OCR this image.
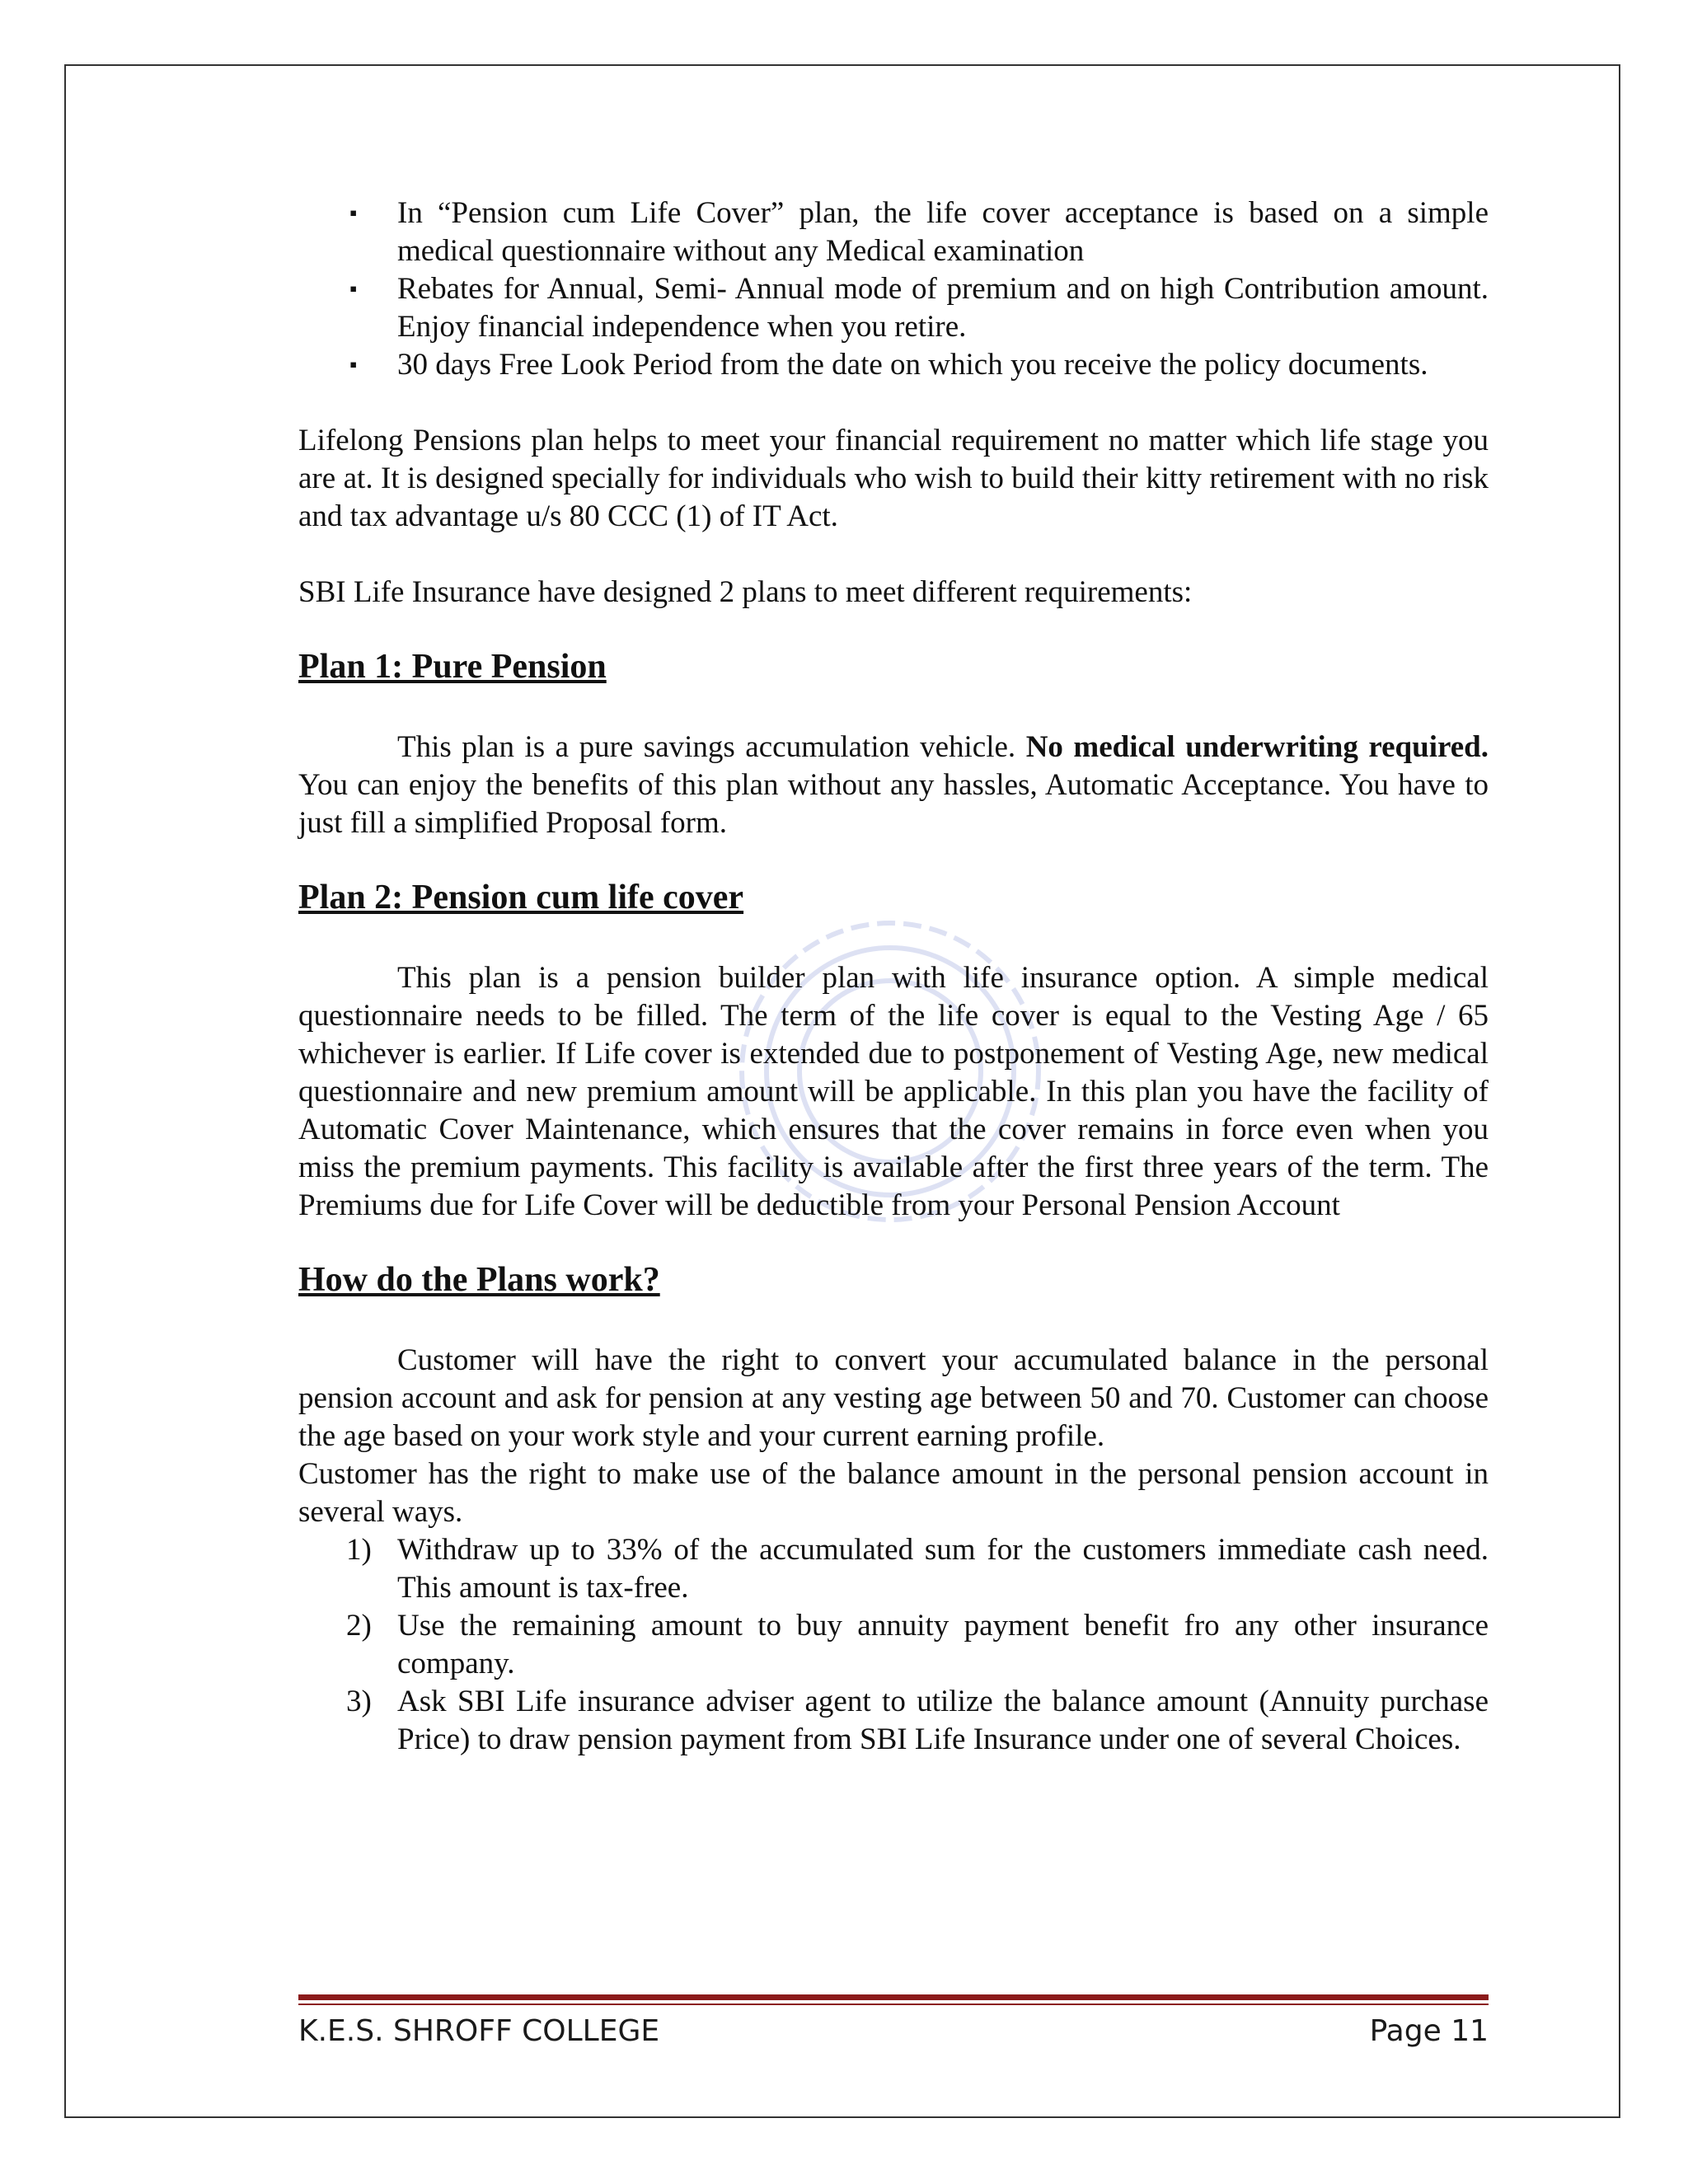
▪ In “Pension cum Life Cover” plan, the life cover acceptance is based on a simple medical questionnaire without any Medical examination
▪ Rebates for Annual, Semi- Annual mode of premium and on high Contribution amount. Enjoy financial independence when you retire.
▪ 30 days Free Look Period from the date on which you receive the policy documents.

Lifelong Pensions plan helps to meet your financial requirement no matter which life stage you are at. It is designed specially for individuals who wish to build their kitty retirement with no risk and tax advantage u/s 80 CCC (1) of IT Act.

SBI Life Insurance have designed 2 plans to meet different requirements:

Plan 1: Pure Pension

This plan is a pure savings accumulation vehicle. No medical underwriting required. You can enjoy the benefits of this plan without any hassles, Automatic Acceptance. You have to just fill a simplified Proposal form.

Plan 2: Pension cum life cover

This plan is a pension builder plan with life insurance option. A simple medical questionnaire needs to be filled. The term of the life cover is equal to the Vesting Age / 65 whichever is earlier. If Life cover is extended due to postponement of Vesting Age, new medical questionnaire and new premium amount will be applicable. In this plan you have the facility of Automatic Cover Maintenance, which ensures that the cover remains in force even when you miss the premium payments. This facility is available after the first three years of the term. The Premiums due for Life Cover will be deductible from your Personal Pension Account

How do the Plans work?

Customer will have the right to convert your accumulated balance in the personal pension account and ask for pension at any vesting age between 50 and 70. Customer can choose the age based on your work style and your current earning profile.

Customer has the right to make use of the balance amount in the personal pension account in several ways.

1) Withdraw up to 33% of the accumulated sum for the customers immediate cash need. This amount is tax-free.
2) Use the remaining amount to buy annuity payment benefit fro any other insurance company.
3) Ask SBI Life insurance adviser agent to utilize the balance amount (Annuity purchase Price) to draw pension payment from SBI Life Insurance under one of several Choices.
K.E.S. SHROFF COLLEGE	Page 11
